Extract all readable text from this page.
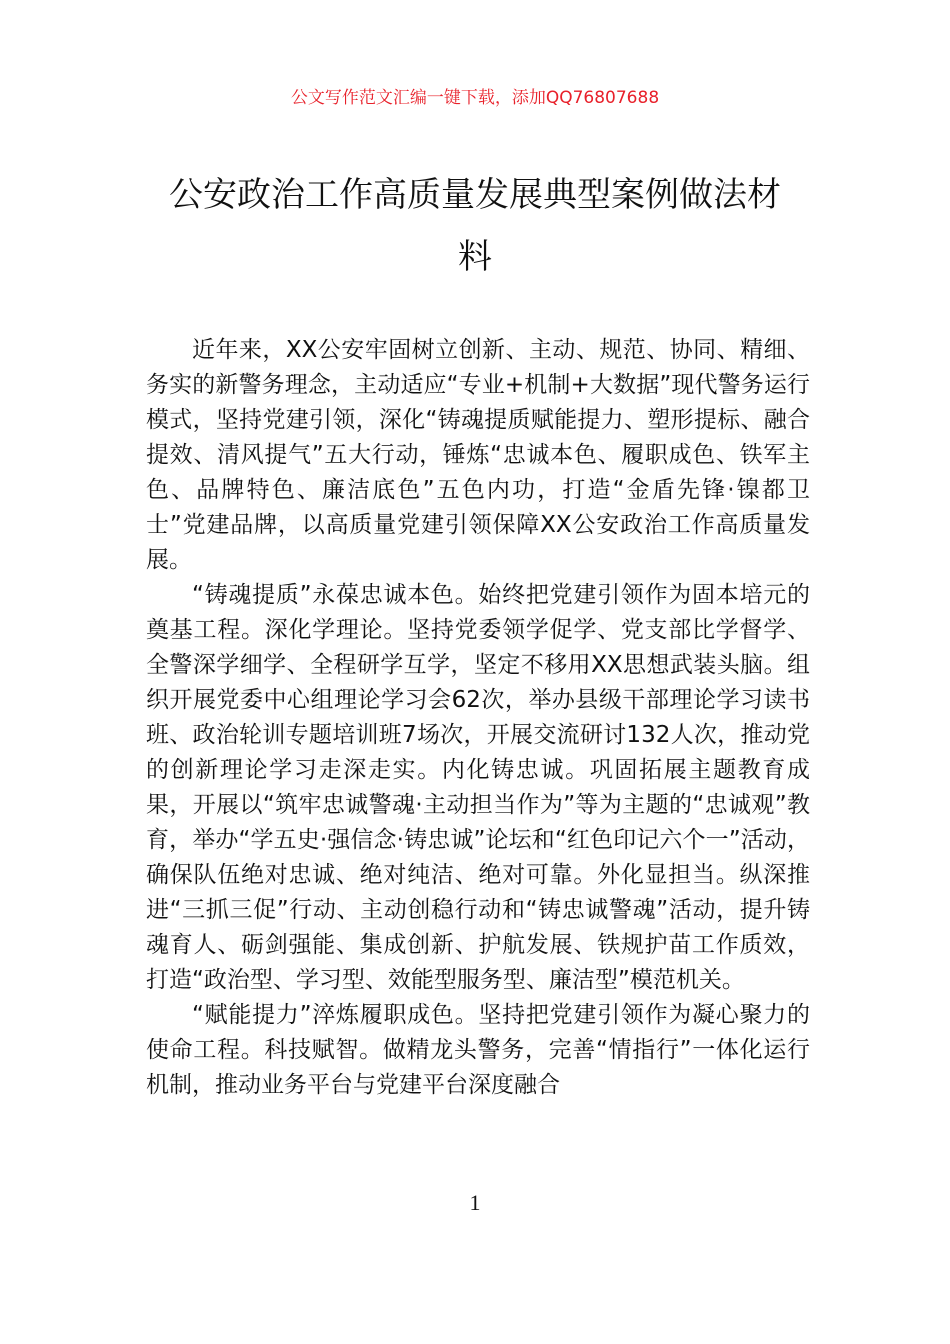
公文写作范文汇编一键下载，添加QQ76807688
公安政治工作高质量发展典型案例做法材
料

近年来，XX公安牢固树立创新、主动、规范、协同、精细、务实的新警务理念，主动适应“专业+机制+大数据”现代警务运行模式，坚持党建引领，深化“铸魂提质赋能提力、塑形提标、融合提效、清风提气”五大行动，锤炼“忠诚本色、履职成色、铁军主色、品牌特色、廉洁底色”五色内功，打造“金盾先锋·镍都卫士”党建品牌，以高质量党建引领保障XX公安政治工作高质量发展。

“铸魂提质”永葆忠诚本色。始终把党建引领作为固本培元的奠基工程。深化学理论。坚持党委领学促学、党支部比学督学、全警深学细学、全程研学互学，坚定不移用XX思想武装头脑。组织开展党委中心组理论学习会62次，举办县级干部理论学习读书班、政治轮训专题培训班7场次，开展交流研讨132人次，推动党的创新理论学习走深走实。内化铸忠诚。巩固拓展主题教育成果，开展以“筑牢忠诚警魂·主动担当作为”等为主题的“忠诚观”教育，举办“学五史·强信念·铸忠诚”论坛和“红色印记六个一”活动，确保队伍绝对忠诚、绝对纯洁、绝对可靠。外化显担当。纵深推进“三抓三促”行动、主动创稳行动和“铸忠诚警魂”活动，提升铸魂育人、砺剑强能、集成创新、护航发展、铁规护苗工作质效，打造“政治型、学习型、效能型服务型、廉洁型”模范机关。

“赋能提力”淬炼履职成色。坚持把党建引领作为凝心聚力的使命工程。科技赋智。做精龙头警务，完善“情指行”一体化运行机制，推动业务平台与党建平台深度融合

1
